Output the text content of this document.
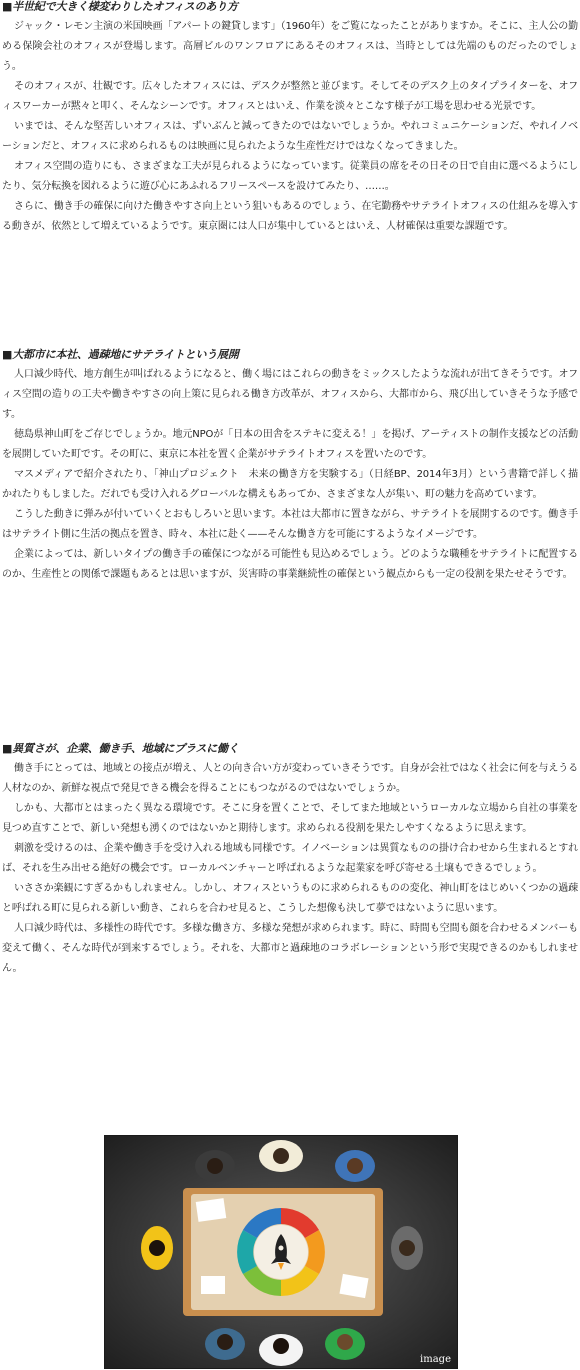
■半世紀で大きく様変わりしたオフィスのあり方

ジャック・レモン主演の米国映画「アパートの鍵貸します」（1960年）をご覧になったことがありますか。そこに、主人公の勤める保険会社のオフィスが登場します。高層ビルのワンフロアにあるそのオフィスは、当時としては先端のものだったのでしょう。

そのオフィスが、壮観です。広々したオフィスには、デスクが整然と並びます。そしてそのデスク上のタイプライターを、オフィスワーカーが黙々と叩く、そんなシーンです。オフィスとはいえ、作業を淡々とこなす様子が工場を思わせる光景です。

いまでは、そんな堅苦しいオフィスは、ずいぶんと減ってきたのではないでしょうか。やれコミュニケーションだ、やれイノベーションだと、オフィスに求められるものは映画に見られたような生産性だけではなくなってきました。

オフィス空間の造りにも、さまざまな工夫が見られるようになっています。従業員の席をその日その日で自由に選べるようにしたり、気分転換を図れるように遊び心にあふれるフリースペースを設けてみたり、……。

さらに、働き手の確保に向けた働きやすさ向上という狙いもあるのでしょう、在宅勤務やサテライトオフィスの仕組みを導入する動きが、依然として増えているようです。東京圏には人口が集中しているとはいえ、人材確保は重要な課題です。

■大都市に本社、過疎地にサテライトという展開

人口減少時代、地方創生が叫ばれるようになると、働く場にはこれらの動きをミックスしたような流れが出てきそうです。オフィス空間の造りの工夫や働きやすさの向上策に見られる働き方改革が、オフィスから、大都市から、飛び出していきそうな予感です。

徳島県神山町をご存じでしょうか。地元NPOが「日本の田舎をステキに変える！」を掲げ、アーティストの制作支援などの活動を展開していた町です。その町に、東京に本社を置く企業がサテライトオフィスを置いたのです。

マスメディアで紹介されたり、「神山プロジェクト　未来の働き方を実験する」（日経BP、2014年3月）という書籍で詳しく描かれたりもしました。だれでも受け入れるグローバルな構えもあってか、さまざまな人が集い、町の魅力を高めています。

こうした動きに弾みが付いていくとおもしろいと思います。本社は大都市に置きながら、サテライトを展開するのです。働き手はサテライト側に生活の拠点を置き、時々、本社に赴く——そんな働き方を可能にするようなイメージです。

企業によっては、新しいタイプの働き手の確保につながる可能性も見込めるでしょう。どのような職種をサテライトに配置するのか、生産性との関係で課題もあるとは思いますが、災害時の事業継続性の確保という観点からも一定の役割を果たせそうです。

■異質さが、企業、働き手、地域にプラスに働く

働き手にとっては、地域との接点が増え、人との向き合い方が変わっていきそうです。自身が会社ではなく社会に何を与えうる人材なのか、新鮮な視点で発見できる機会を得ることにもつながるのではないでしょうか。

しかも、大都市とはまったく異なる環境です。そこに身を置くことで、そしてまた地域というローカルな立場から自社の事業を見つめ直すことで、新しい発想も湧くのではないかと期待します。求められる役割を果たしやすくなるように思えます。

刺激を受けるのは、企業や働き手を受け入れる地域も同様です。イノベーションは異質なものの掛け合わせから生まれるとすれば、それを生み出せる絶好の機会です。ローカルベンチャーと呼ばれるような起業家を呼び寄せる土壌もできるでしょう。

いささか楽観にすぎるかもしれません。しかし、オフィスというものに求められるものの変化、神山町をはじめいくつかの過疎と呼ばれる町に見られる新しい動き、これらを合わせ見ると、こうした想像も決して夢ではないように思います。

人口減少時代は、多様性の時代です。多様な働き方、多様な発想が求められます。時に、時間も空間も顔を合わせるメンバーも変えて働く、そんな時代が到来するでしょう。それを、大都市と過疎地のコラボレーションという形で実現できるのかもしれません。

image
